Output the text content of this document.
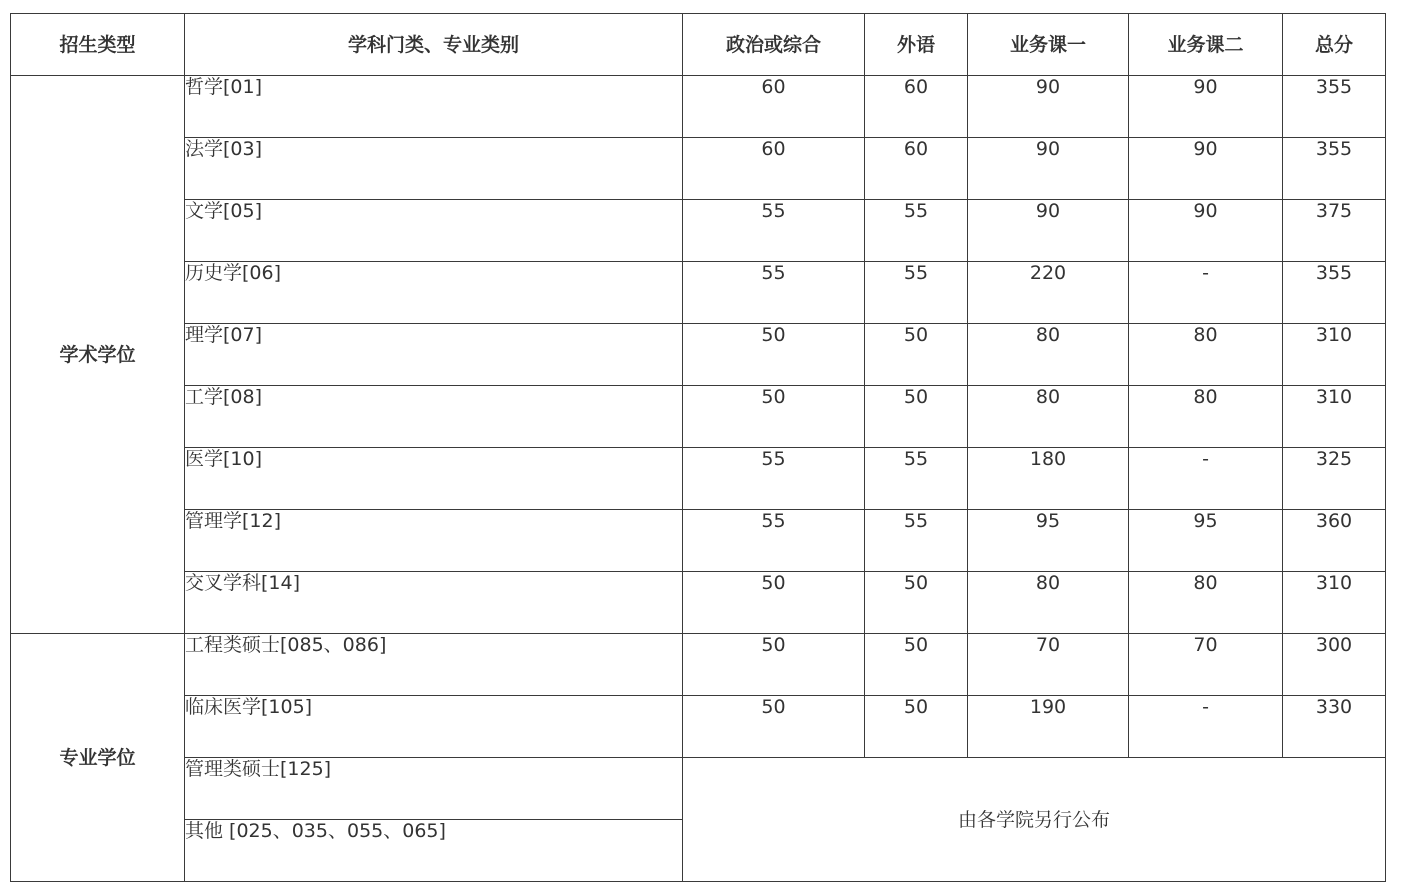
招生类型	学科门类、专业类别	政治或综合	外语	业务课一	业务课二	总分
学术学位	哲学[01]	60	60	90	90	355
	法学[03]	60	60	90	90	355
	文学[05]	55	55	90	90	375
	历史学[06]	55	55	220	-	355
	理学[07]	50	50	80	80	310
	工学[08]	50	50	80	80	310
	医学[10]	55	55	180	-	325
	管理学[12]	55	55	95	95	360
	交叉学科[14]	50	50	80	80	310
专业学位	工程类硕士[085、086]	50	50	70	70	300
	临床医学[105]	50	50	190	-	330
	管理类硕士[125]	由各学院另行公布				
	其他 [025、035、055、065]					
